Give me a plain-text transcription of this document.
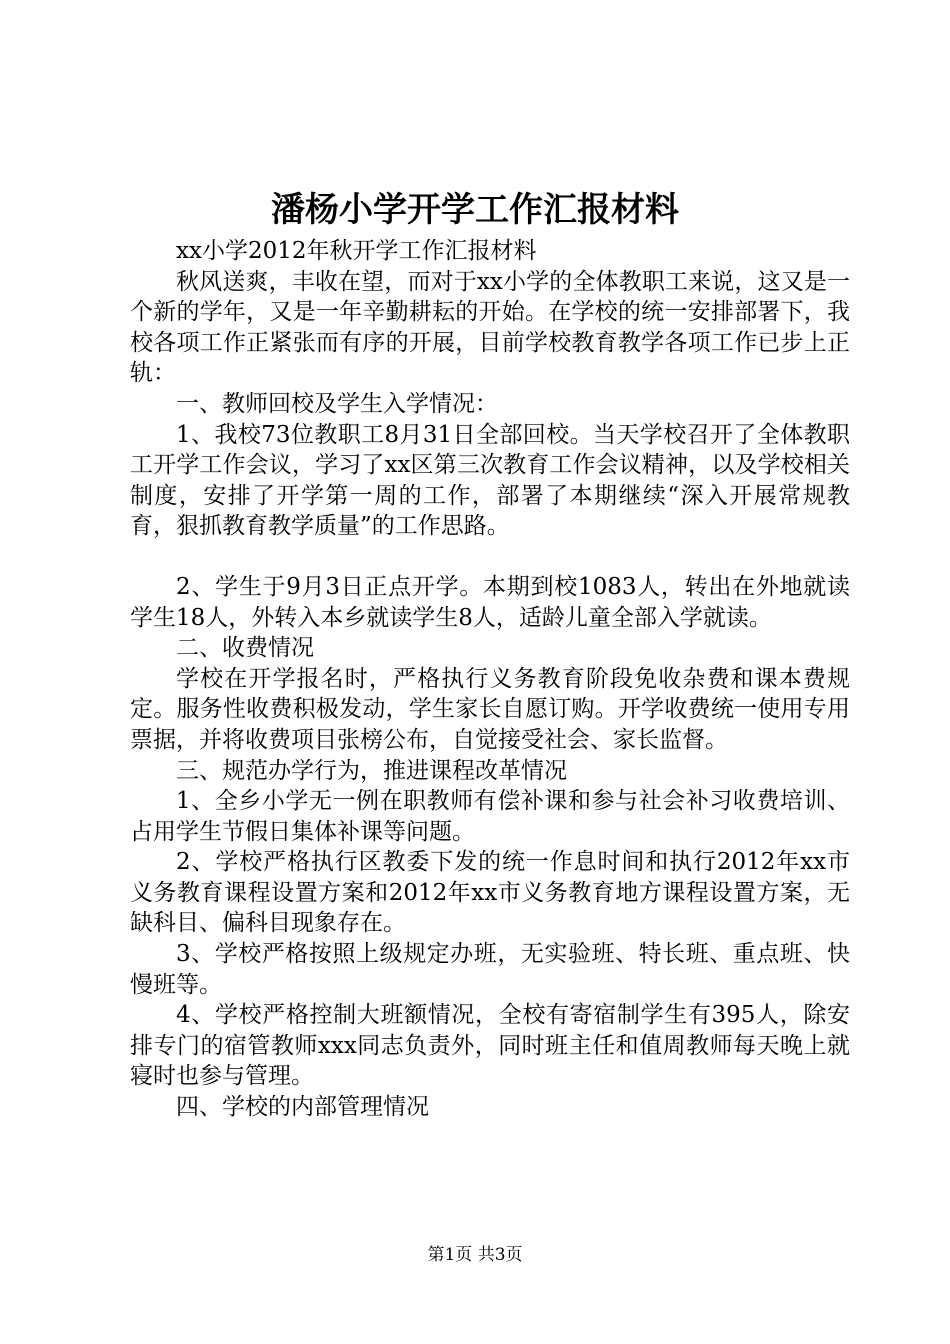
潘杨小学开学工作汇报材料

xx小学2012年秋开学工作汇报材料

秋风送爽，丰收在望，而对于xx小学的全体教职工来说，这又是一个新的学年，又是一年辛勤耕耘的开始。在学校的统一安排部署下，我校各项工作正紧张而有序的开展，目前学校教育教学各项工作已步上正轨：

一、教师回校及学生入学情况：

1、我校73位教职工8月31日全部回校。当天学校召开了全体教职工开学工作会议，学习了xx区第三次教育工作会议精神，以及学校相关制度，安排了开学第一周的工作，部署了本期继续“深入开展常规教育，狠抓教育教学质量”的工作思路。

2、学生于9月3日正点开学。本期到校1083人，转出在外地就读学生18人，外转入本乡就读学生8人，适龄儿童全部入学就读。

二、收费情况

学校在开学报名时，严格执行义务教育阶段免收杂费和课本费规定。服务性收费积极发动，学生家长自愿订购。开学收费统一使用专用票据，并将收费项目张榜公布，自觉接受社会、家长监督。

三、规范办学行为，推进课程改革情况

1、全乡小学无一例在职教师有偿补课和参与社会补习收费培训、占用学生节假日集体补课等问题。

2、学校严格执行区教委下发的统一作息时间和执行2012年xx市义务教育课程设置方案和2012年xx市义务教育地方课程设置方案，无缺科目、偏科目现象存在。

3、学校严格按照上级规定办班，无实验班、特长班、重点班、快慢班等。

4、学校严格控制大班额情况，全校有寄宿制学生有395人，除安排专门的宿管教师xxx同志负责外，同时班主任和值周教师每天晚上就寝时也参与管理。

四、学校的内部管理情况

第1页 共3页
